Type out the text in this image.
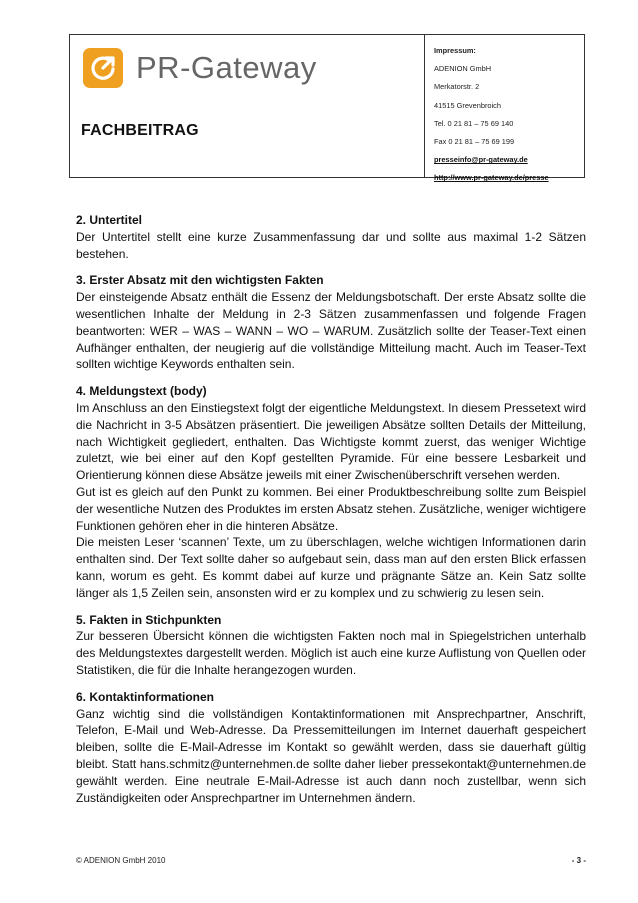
PR-Gateway
FACHBEITRAG
Impressum:
ADENION GmbH
Merkatorstr. 2
41515 Grevenbroich
Tel. 0 21 81 – 75 69 140
Fax 0 21 81 – 75 69 199
presseinfo@pr-gateway.de
http://www.pr-gateway.de/presse
2. Untertitel
Der Untertitel stellt eine kurze Zusammenfassung dar und sollte aus maximal 1-2 Sätzen bestehen.
3. Erster Absatz mit den wichtigsten Fakten
Der einsteigende Absatz enthält die Essenz der Meldungsbotschaft. Der erste Absatz sollte die wesentlichen Inhalte der Meldung in 2-3 Sätzen zusammenfassen und folgende Fragen beantworten: WER – WAS – WANN – WO – WARUM. Zusätzlich sollte der Teaser-Text einen Aufhänger enthalten, der neugierig auf die vollständige Mitteilung macht. Auch im Teaser-Text sollten wichtige Keywords enthalten sein.
4. Meldungstext (body)
Im Anschluss an den Einstiegstext folgt der eigentliche Meldungstext. In diesem Pressetext wird die Nachricht in 3-5 Absätzen präsentiert. Die jeweiligen Absätze sollten Details der Mitteilung, nach Wichtigkeit gegliedert, enthalten. Das Wichtigste kommt zuerst, das weniger Wichtige zuletzt, wie bei einer auf den Kopf gestellten Pyramide. Für eine bessere Lesbarkeit und Orientierung können diese Absätze jeweils mit einer Zwischenüberschrift versehen werden.
Gut ist es gleich auf den Punkt zu kommen. Bei einer Produktbeschreibung sollte zum Beispiel der wesentliche Nutzen des Produktes im ersten Absatz stehen. Zusätzliche, weniger wichtigere Funktionen gehören eher in die hinteren Absätze.
Die meisten Leser ‘scannen’ Texte, um zu überschlagen, welche wichtigen Informationen darin enthalten sind. Der Text sollte daher so aufgebaut sein, dass man auf den ersten Blick erfassen kann, worum es geht. Es kommt dabei auf kurze und prägnante Sätze an. Kein Satz sollte länger als 1,5 Zeilen sein, ansonsten wird er zu komplex und zu schwierig zu lesen sein.
5. Fakten in Stichpunkten
Zur besseren Übersicht können die wichtigsten Fakten noch mal in Spiegelstrichen unterhalb des Meldungstextes dargestellt werden. Möglich ist auch eine kurze Auflistung von Quellen oder Statistiken, die für die Inhalte herangezogen wurden.
6. Kontaktinformationen
Ganz wichtig sind die vollständigen Kontaktinformationen mit Ansprechpartner, Anschrift, Telefon, E-Mail und Web-Adresse. Da Pressemitteilungen im Internet dauerhaft gespeichert bleiben, sollte die E-Mail-Adresse im Kontakt so gewählt werden, dass sie dauerhaft gültig bleibt. Statt hans.schmitz@unternehmen.de sollte daher lieber pressekontakt@unternehmen.de gewählt werden. Eine neutrale E-Mail-Adresse ist auch dann noch zustellbar, wenn sich Zuständigkeiten oder Ansprechpartner im Unternehmen ändern.
© ADENION GmbH 2010	- 3 -
